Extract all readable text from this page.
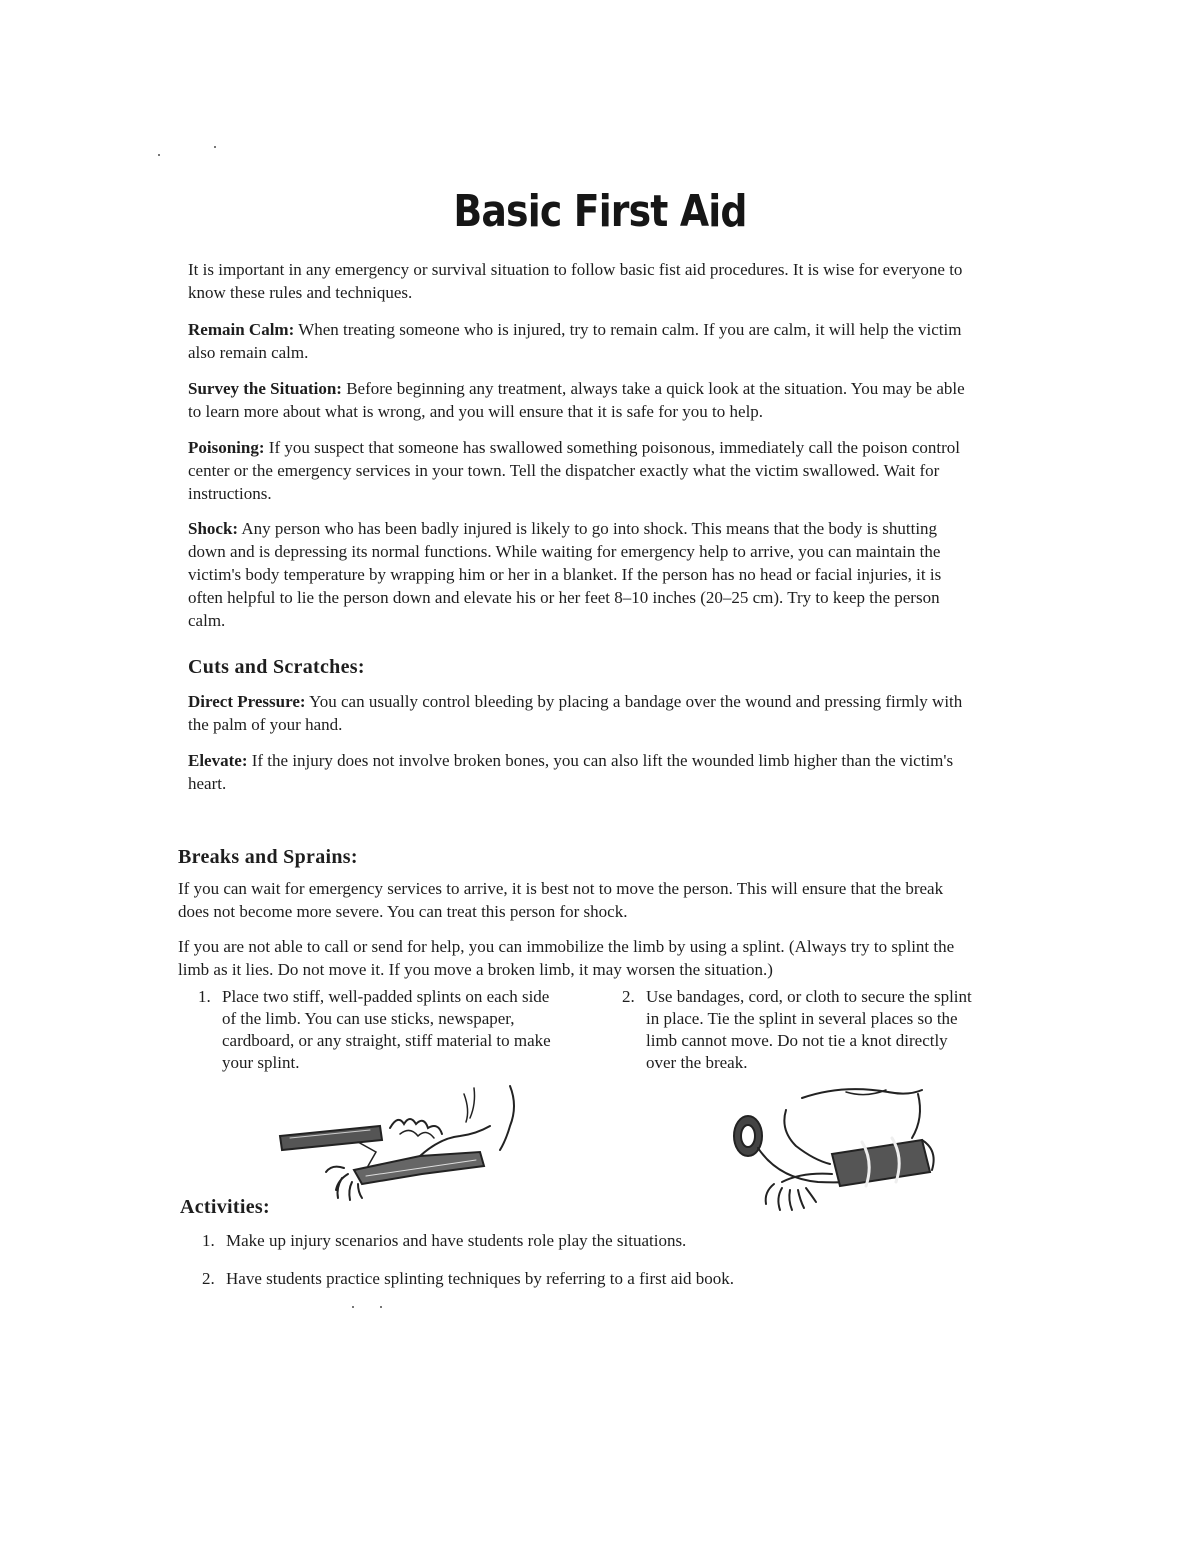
Basic First Aid
It is important in any emergency or survival situation to follow basic fist aid procedures. It is wise for everyone to know these rules and techniques.
Remain Calm: When treating someone who is injured, try to remain calm. If you are calm, it will help the victim also remain calm.
Survey the Situation: Before beginning any treatment, always take a quick look at the situation. You may be able to learn more about what is wrong, and you will ensure that it is safe for you to help.
Poisoning: If you suspect that someone has swallowed something poisonous, immediately call the poison control center or the emergency services in your town. Tell the dispatcher exactly what the victim swallowed. Wait for instructions.
Shock: Any person who has been badly injured is likely to go into shock. This means that the body is shutting down and is depressing its normal functions. While waiting for emergency help to arrive, you can maintain the victim's body temperature by wrapping him or her in a blanket. If the person has no head or facial injuries, it is often helpful to lie the person down and elevate his or her feet 8–10 inches (20–25 cm). Try to keep the person calm.
Cuts and Scratches:
Direct Pressure: You can usually control bleeding by placing a bandage over the wound and pressing firmly with the palm of your hand.
Elevate: If the injury does not involve broken bones, you can also lift the wounded limb higher than the victim's heart.
Breaks and Sprains:
If you can wait for emergency services to arrive, it is best not to move the person. This will ensure that the break does not become more severe. You can treat this person for shock.
If you are not able to call or send for help, you can immobilize the limb by using a splint. (Always try to splint the limb as it lies. Do not move it. If you move a broken limb, it may worsen the situation.)
1. Place two stiff, well-padded splints on each side of the limb. You can use sticks, newspaper, cardboard, or any straight, stiff material to make your splint.
2. Use bandages, cord, or cloth to secure the splint in place. Tie the splint in several places so the limb cannot move. Do not tie a knot directly over the break.
Activities:
1. Make up injury scenarios and have students role play the situations.
2. Have students practice splinting techniques by referring to a first aid book.
